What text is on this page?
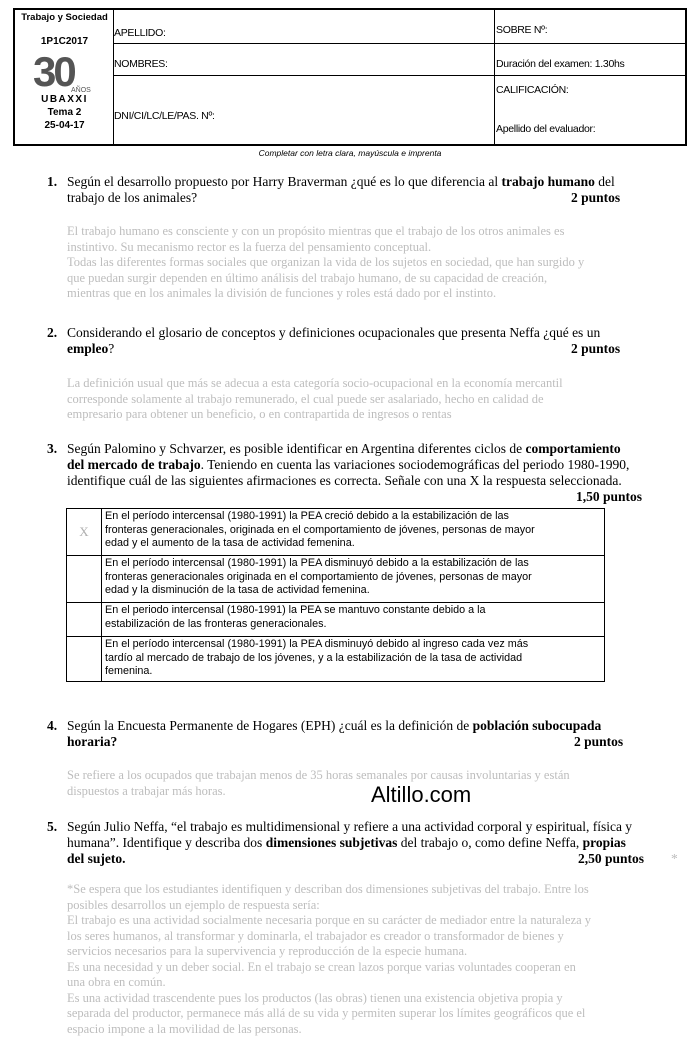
Trabajo y Sociedad
1P1C2017
30
AÑOS
UBAXXI
Tema 2
25-04-17
APELLIDO:
NOMBRES:
DNI/CI/LC/LE/PAS. Nº:
SOBRE Nº:
Duración del examen: 1.30hs
CALIFICACIÓN:
Apellido del evaluador:
Completar con letra clara, mayúscula e imprenta
1. Según el desarrollo propuesto por Harry Braverman ¿qué es lo que diferencia al trabajo humano del
trabajo de los animales?	2 puntos
El trabajo humano es consciente y con un propósito mientras que el trabajo de los otros animales es
instintivo. Su mecanismo rector es la fuerza del pensamiento conceptual.
Todas las diferentes formas sociales que organizan la vida de los sujetos en sociedad, que han surgido y
que puedan surgir dependen en último análisis del trabajo humano, de su capacidad de creación,
mientras que en los animales la división de funciones y roles está dado por el instinto.
2. Considerando el glosario de conceptos y definiciones ocupacionales que presenta Neffa ¿qué es un
empleo?	2 puntos
La definición usual que más se adecua a esta categoría socio-ocupacional en la economía mercantil
corresponde solamente al trabajo remunerado, el cual puede ser asalariado, hecho en calidad de
empresario para obtener un beneficio, o en contrapartida de ingresos o rentas
3. Según Palomino y Schvarzer, es posible identificar en Argentina diferentes ciclos de comportamiento
del mercado de trabajo. Teniendo en cuenta las variaciones sociodemográficas del periodo 1980-1990,
identifique cuál de las siguientes afirmaciones es correcta. Señale con una X la respuesta seleccionada.
1,50 puntos
X	En el período intercensal (1980-1991) la PEA creció debido a la estabilización de las
fronteras generacionales, originada en el comportamiento de jóvenes, personas de mayor
edad y el aumento de la tasa de actividad femenina.

	En el período intercensal (1980-1991) la PEA disminuyó debido a la estabilización de las
fronteras generacionales originada en el comportamiento de jóvenes, personas de mayor
edad y la disminución de la tasa de actividad femenina.

	En el periodo intercensal (1980-1991) la PEA se mantuvo constante debido a la
estabilización de las fronteras generacionales.

	En el período intercensal (1980-1991) la PEA disminuyó debido al ingreso cada vez más
tardío al mercado de trabajo de los jóvenes, y a la estabilización de la tasa de actividad
femenina.
4. Según la Encuesta Permanente de Hogares (EPH) ¿cuál es la definición de población subocupada
horaria?	2 puntos
Se refiere a los ocupados que trabajan menos de 35 horas semanales por causas involuntarias y están
dispuestos a trabajar más horas.	Altillo.com
5. Según Julio Neffa, “el trabajo es multidimensional y refiere a una actividad corporal y espiritual, física y
humana”. Identifique y describa dos dimensiones subjetivas del trabajo o, como define Neffa, propias
del sujeto.	2,50 puntos *
*Se espera que los estudiantes identifiquen y describan dos dimensiones subjetivas del trabajo. Entre los
posibles desarrollos un ejemplo de respuesta sería:
El trabajo es una actividad socialmente necesaria porque en su carácter de mediador entre la naturaleza y
los seres humanos, al transformar y dominarla, el trabajador es creador o transformador de bienes y
servicios necesarios para la supervivencia y reproducción de la especie humana.
Es una necesidad y un deber social. En el trabajo se crean lazos porque varias voluntades cooperan en
una obra en común.
Es una actividad trascendente pues los productos (las obras) tienen una existencia objetiva propia y
separada del productor, permanece más allá de su vida y permiten superar los límites geográficos que el
espacio impone a la movilidad de las personas.
